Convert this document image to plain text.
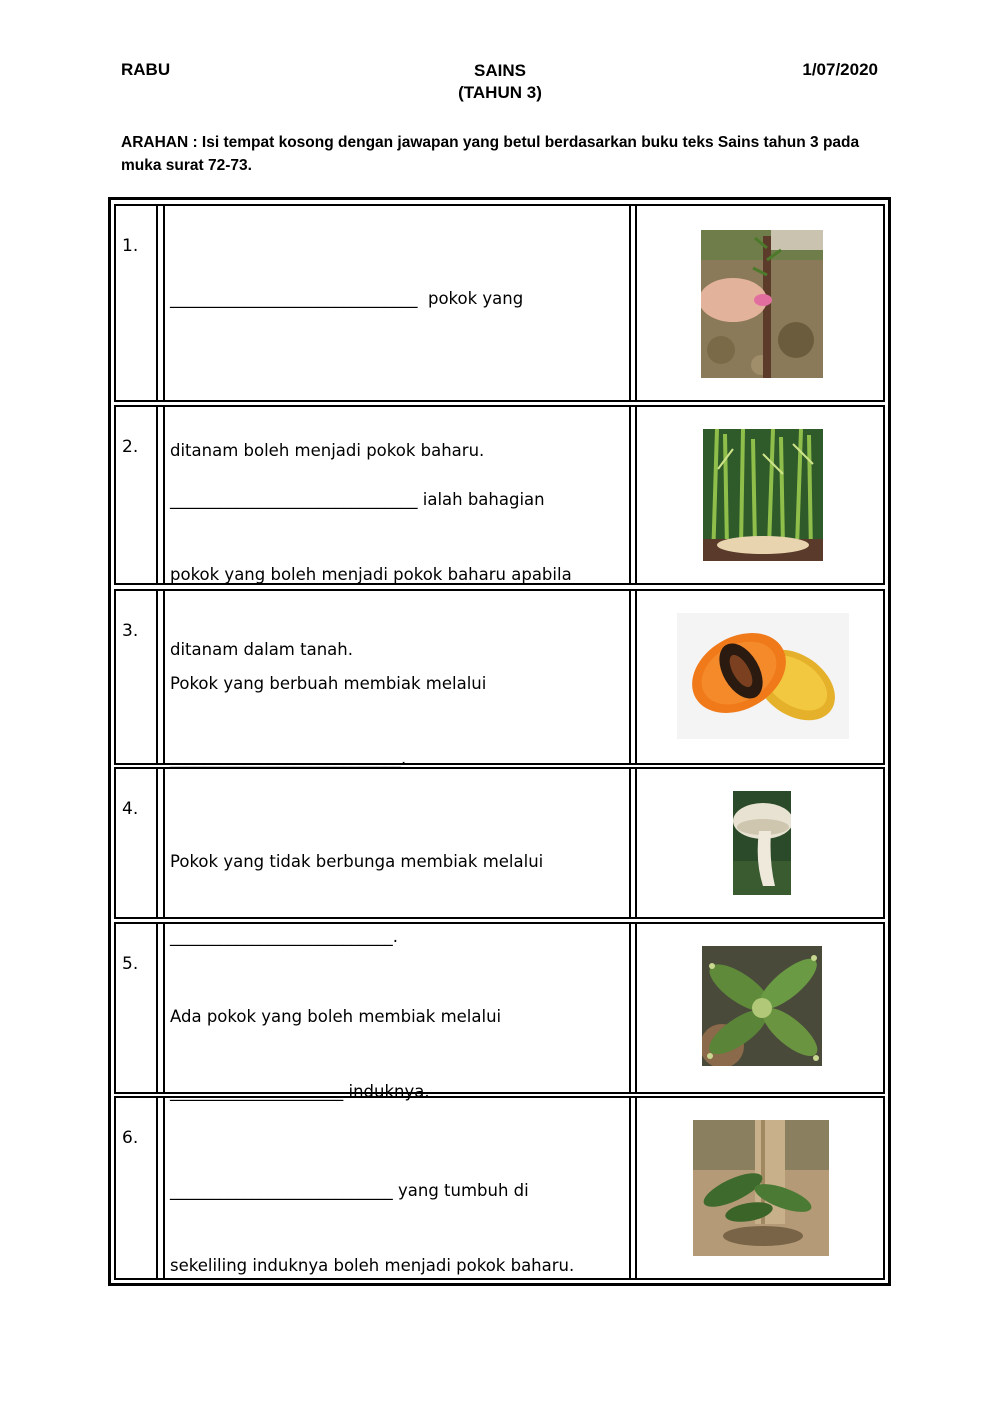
RABU	SAINS
(TAHUN 3)
1/07/2020
ARAHAN : Isi tempat kosong dengan jawapan yang betul berdasarkan buku teks Sains tahun 3 pada muka surat 72-73.
1.

______________________________  pokok yang

ditanam boleh menjadi pokok baharu.

2.

______________________________ ialah bahagian

pokok yang boleh menjadi pokok baharu apabila

ditanam dalam tanah.

3.

Pokok yang berbuah membiak melalui

____________________________.

4.

Pokok yang tidak berbunga membiak melalui

___________________________.

5.

Ada pokok yang boleh membiak melalui

_____________________ induknya.

6.

___________________________ yang tumbuh di

sekeliling induknya boleh menjadi pokok baharu.
